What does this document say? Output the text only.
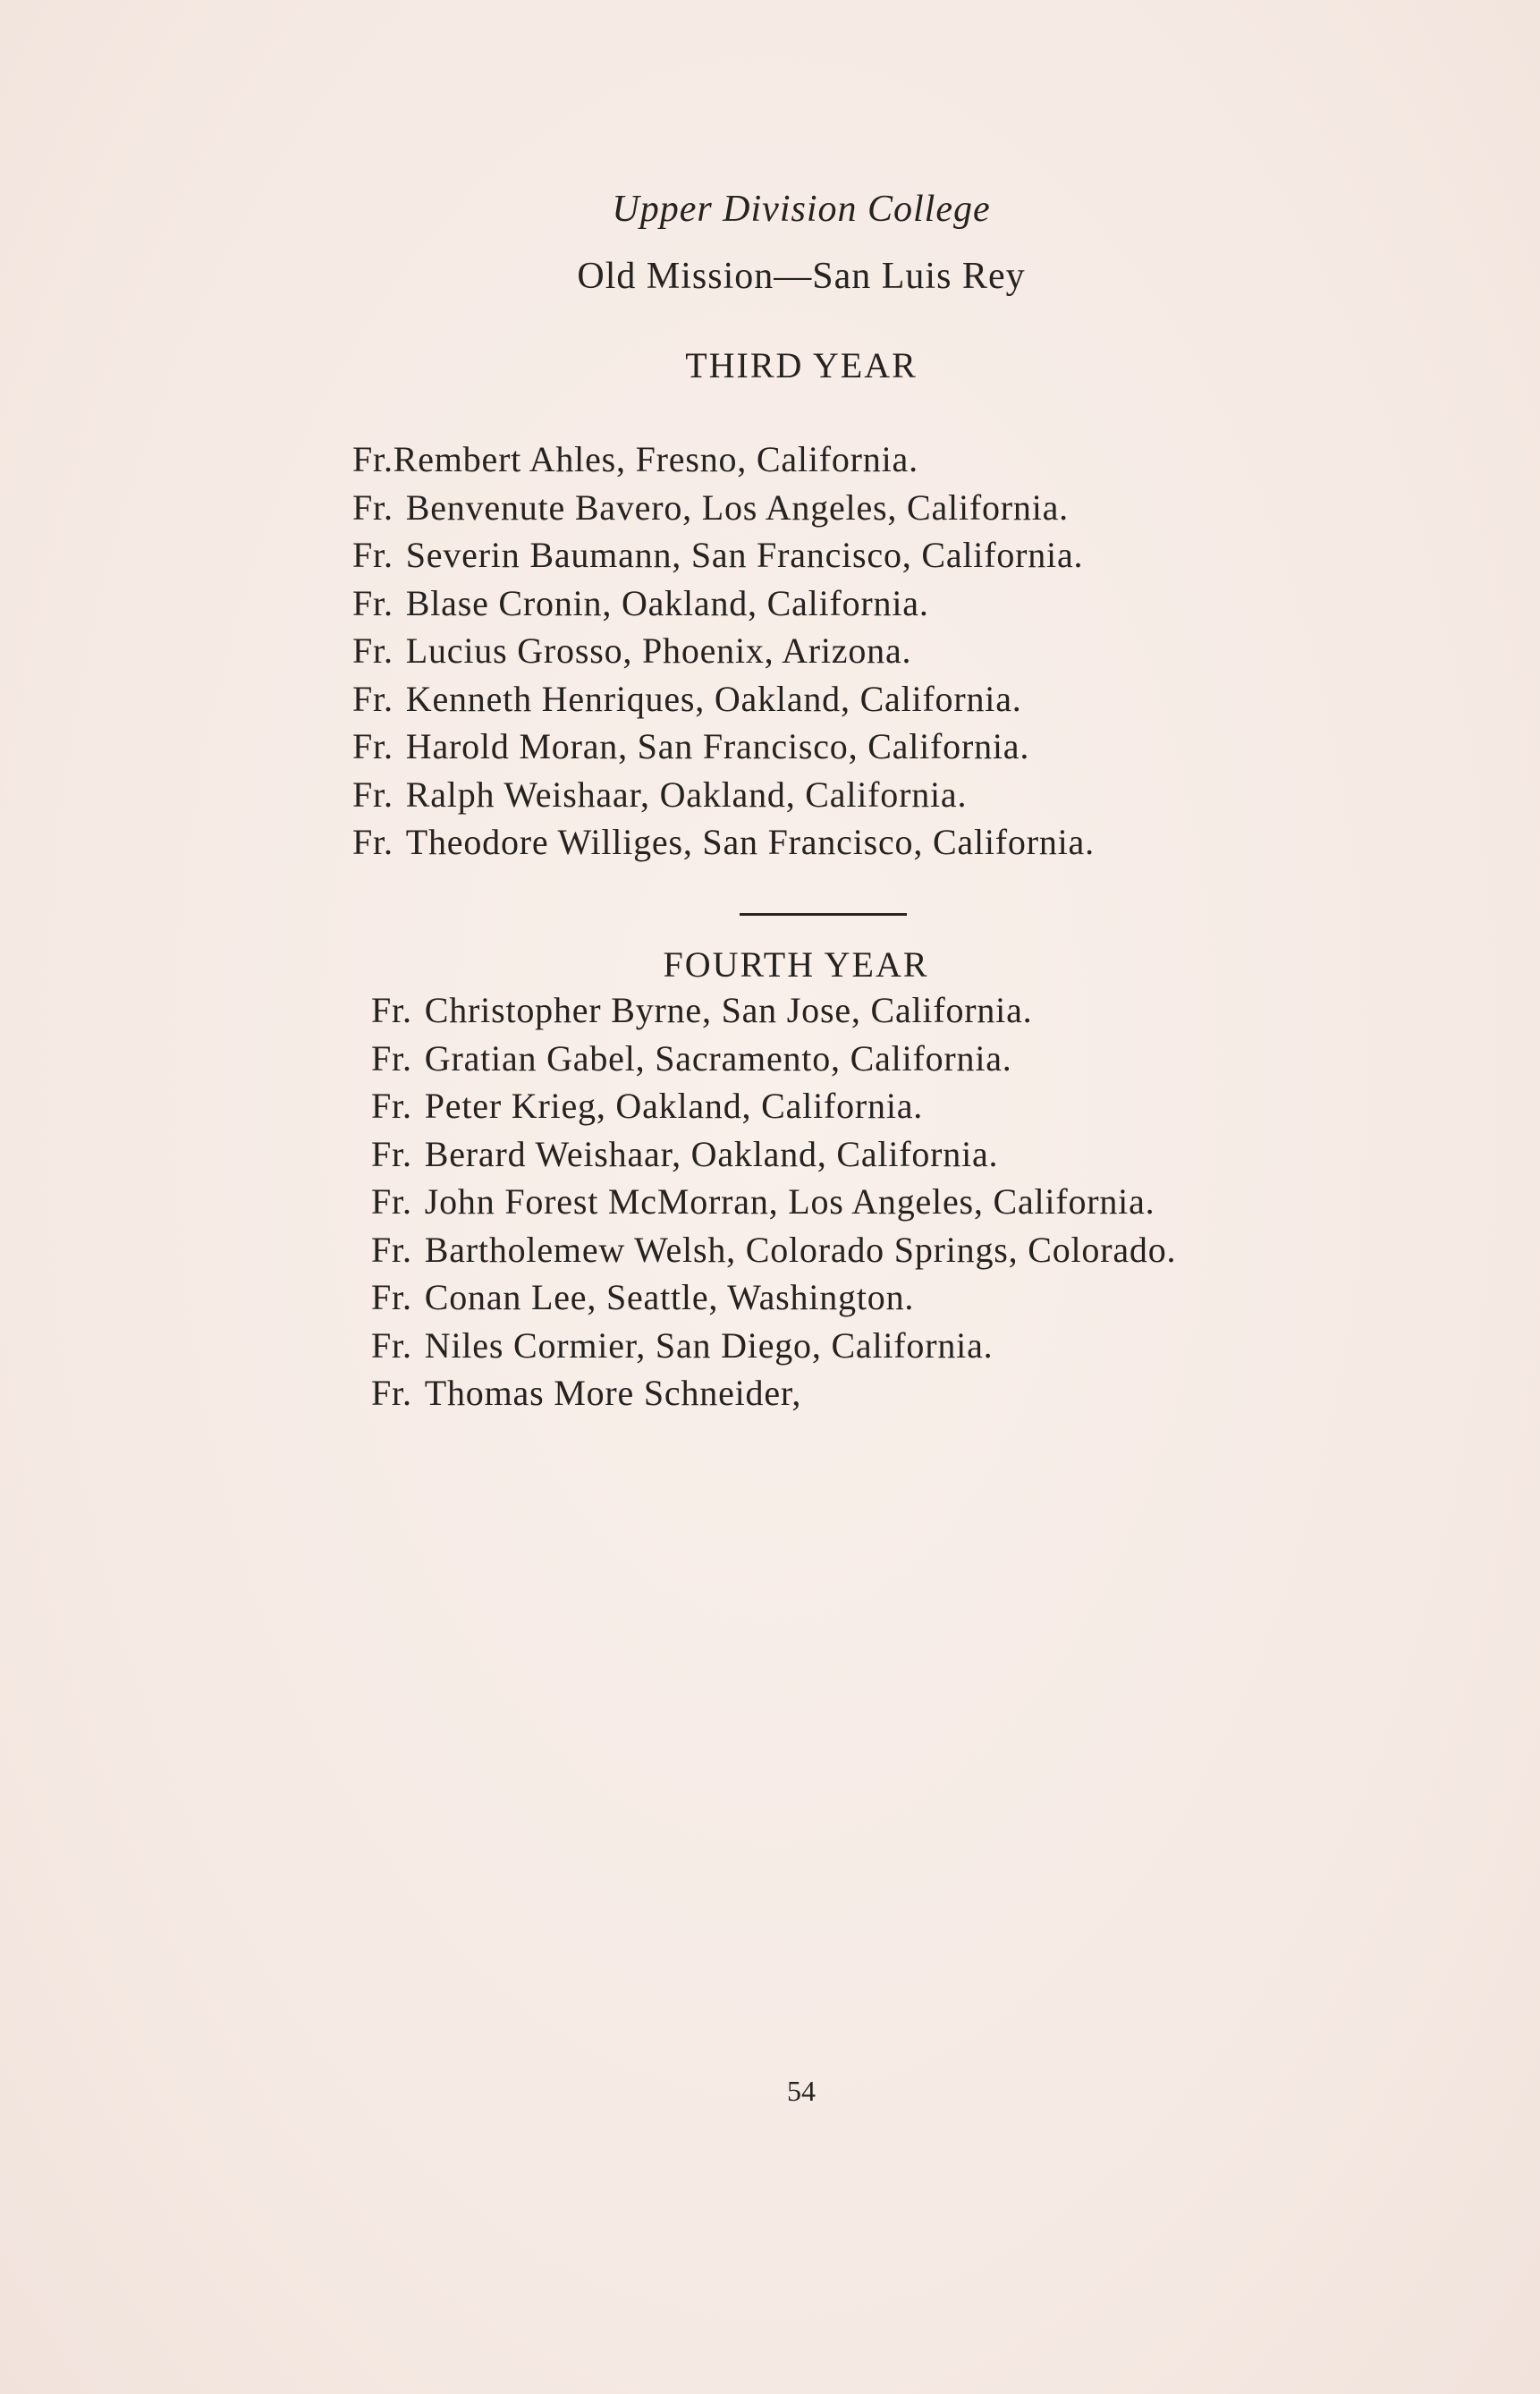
Upper Division College
Old Mission—San Luis Rey
THIRD YEAR
Fr.Rembert Ahles, Fresno, California.
Fr. Benvenute Bavero, Los Angeles, California.
Fr. Severin Baumann, San Francisco, California.
Fr. Blase Cronin, Oakland, California.
Fr. Lucius Grosso, Phoenix, Arizona.
Fr. Kenneth Henriques, Oakland, California.
Fr. Harold Moran, San Francisco, California.
Fr. Ralph Weishaar, Oakland, California.
Fr. Theodore Williges, San Francisco, California.
FOURTH YEAR
Fr. Christopher Byrne, San Jose, California.
Fr. Gratian Gabel, Sacramento, California.
Fr. Peter Krieg, Oakland, California.
Fr. Berard Weishaar, Oakland, California.
Fr. John Forest McMorran, Los Angeles, California.
Fr. Bartholemew Welsh, Colorado Springs, Colorado.
Fr. Conan Lee, Seattle, Washington.
Fr. Niles Cormier, San Diego, California.
Fr. Thomas More Schneider,
54
